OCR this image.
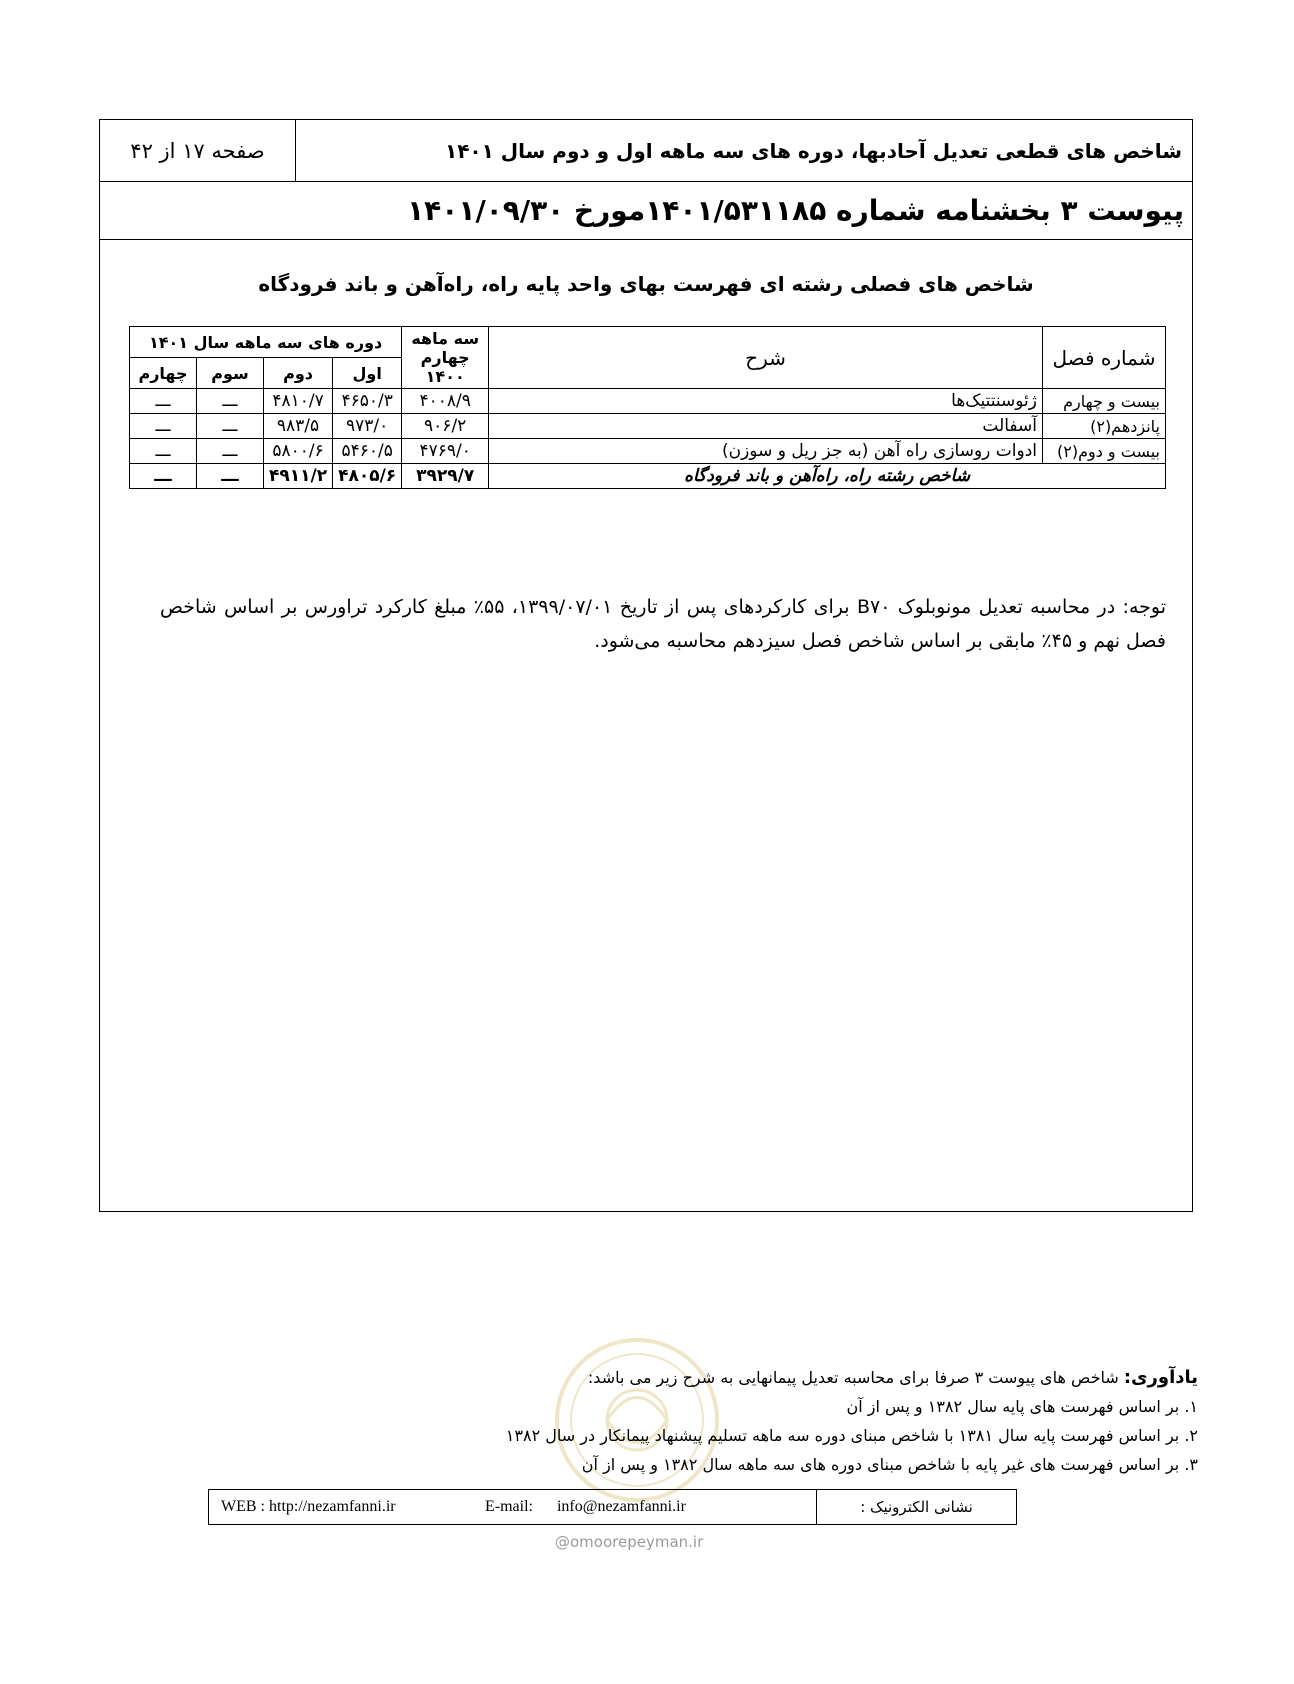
صفحه ۱۷ از ۴۲	شاخص های قطعی تعدیل آحادبها، دوره های سه ماهه اول و دوم سال ۱۴۰۱
پیوست ۳ بخشنامه شماره ۱۴۰۱/۵۳۱۱۸۵مورخ ۱۴۰۱/۰۹/۳۰
شاخص های فصلی رشته ای فهرست بهای واحد پایه راه، راه‌آهن و باند فرودگاه
شماره فصل	شرح	سه ماهه چهارم ۱۴۰۰	دوره های سه ماهه سال ۱۴۰۱			
			اول	دوم	سوم	چهارم
بیست و چهارم	ژئوسنتتیک‌ها	۴۰۰۸/۹	۴۶۵۰/۳	۴۸۱۰/۷	ـــ	ـــ
پانزدهم(۲)	آسفالت	۹۰۶/۲	۹۷۳/۰	۹۸۳/۵	ـــ	ـــ
بیست و دوم(۲)	ادوات روسازی راه آهن (به جز ریل و سوزن)	۴۷۶۹/۰	۵۴۶۰/۵	۵۸۰۰/۶	ـــ	ـــ
شاخص رشته راه، راه‌آهن و باند فرودگاه		۳۹۲۹/۷	۴۸۰۵/۶	۴۹۱۱/۲	ـــ	ـــ
توجه: در محاسبه تعدیل مونوبلوک B۷۰ برای کارکردهای پس از تاریخ ۱۳۹۹/۰۷/۰۱، ۵۵٪ مبلغ کارکرد تراورس بر اساس شاخص فصل نهم و ۴۵٪ مابقی بر اساس شاخص فصل سیزدهم محاسبه می‌شود.
یادآوری: شاخص های پیوست ۳ صرفا برای محاسبه تعدیل پیمانهایی به شرح زیر می باشد:
۱. بر اساس فهرست های پایه سال ۱۳۸۲ و پس از آن
۲. بر اساس فهرست پایه سال ۱۳۸۱ با شاخص مبنای دوره سه ماهه تسلیم پیشنهاد پیمانکار در سال ۱۳۸۲
۳. بر اساس فهرست های غیر پایه با شاخص مبنای دوره های سه ماهه سال ۱۳۸۲ و پس از آن
نشانی الکترونیک :
E-mail: info@nezamfanni.ir
WEB : http://nezamfanni.ir
@omoorepeyman.ir
